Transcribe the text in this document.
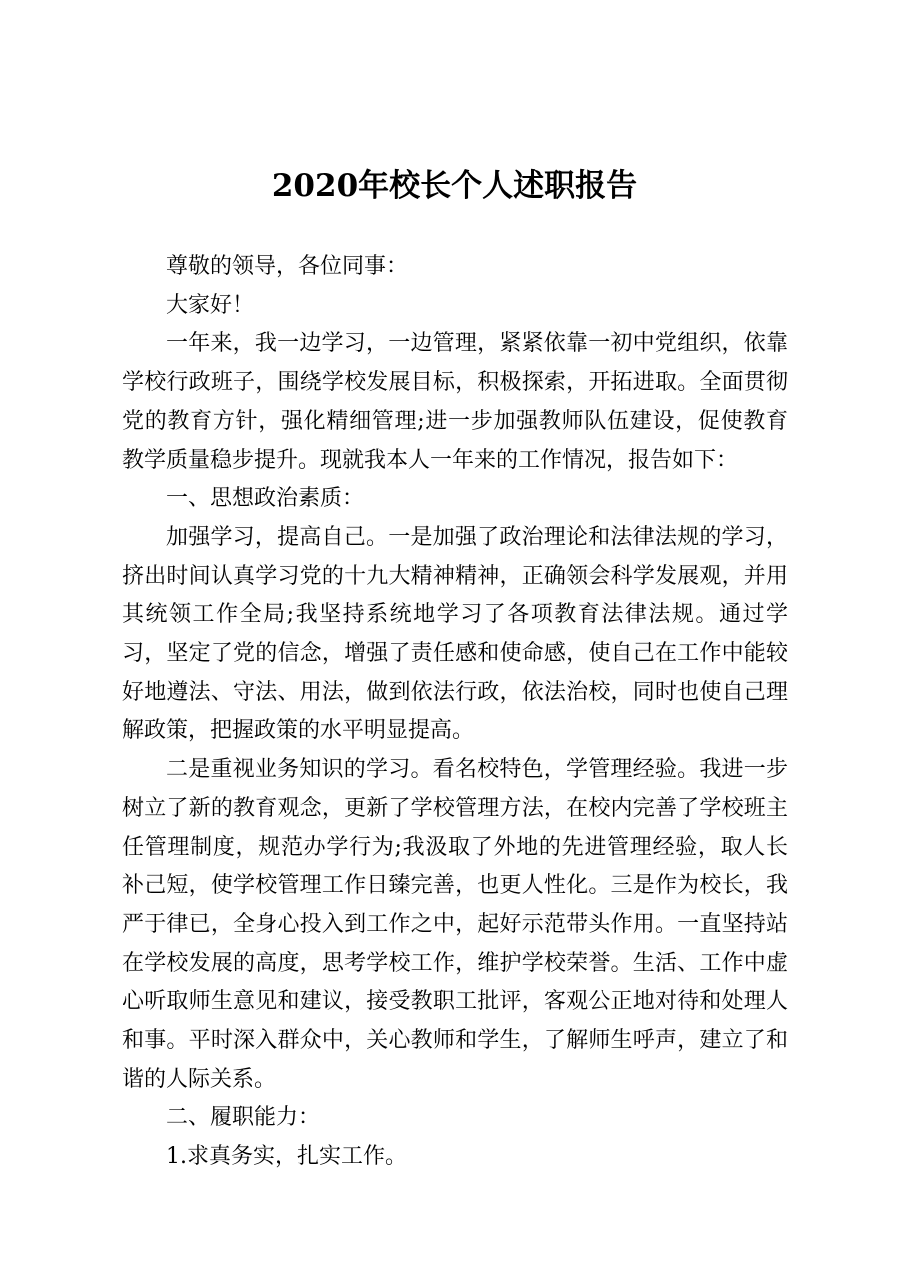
2020年校长个人述职报告

尊敬的领导，各位同事：

大家好！

一年来，我一边学习，一边管理，紧紧依靠一初中党组织，依靠学校行政班子，围绕学校发展目标，积极探索，开拓进取。全面贯彻党的教育方针，强化精细管理;进一步加强教师队伍建设，促使教育教学质量稳步提升。现就我本人一年来的工作情况，报告如下：

一、思想政治素质：

加强学习，提高自己。一是加强了政治理论和法律法规的学习，挤出时间认真学习党的十九大精神精神，正确领会科学发展观，并用其统领工作全局;我坚持系统地学习了各项教育法律法规。通过学习，坚定了党的信念，增强了责任感和使命感，使自己在工作中能较好地遵法、守法、用法，做到依法行政，依法治校，同时也使自己理解政策，把握政策的水平明显提高。

二是重视业务知识的学习。看名校特色，学管理经验。我进一步树立了新的教育观念，更新了学校管理方法，在校内完善了学校班主任管理制度，规范办学行为;我汲取了外地的先进管理经验，取人长补己短，使学校管理工作日臻完善，也更人性化。三是作为校长，我严于律已，全身心投入到工作之中，起好示范带头作用。一直坚持站在学校发展的高度，思考学校工作，维护学校荣誉。生活、工作中虚心听取师生意见和建议，接受教职工批评，客观公正地对待和处理人和事。平时深入群众中，关心教师和学生，了解师生呼声，建立了和谐的人际关系。

二、履职能力：

1.求真务实，扎实工作。
